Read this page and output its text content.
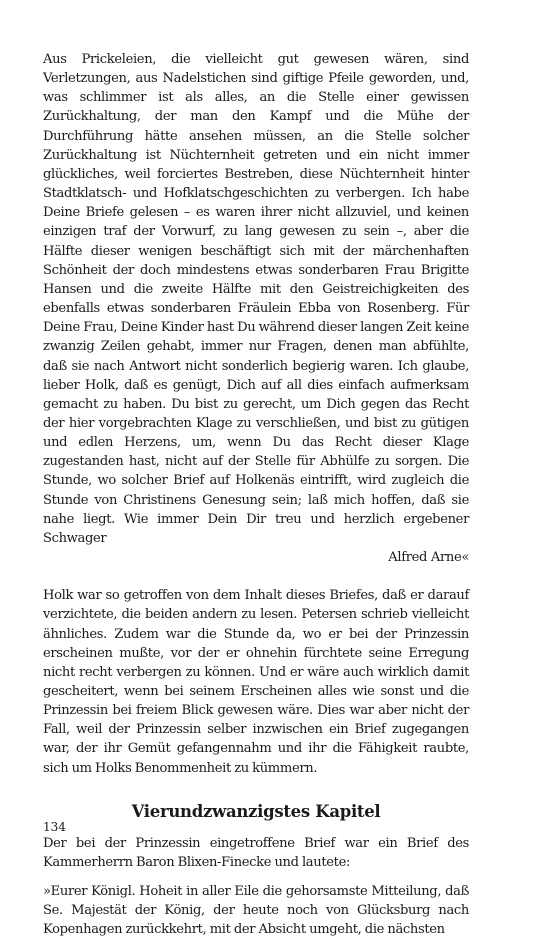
Aus Prickeleien, die vielleicht gut gewesen wären, sind Verletzungen, aus Nadelstichen sind giftige Pfeile geworden, und, was schlimmer ist als alles, an die Stelle einer gewissen Zurückhaltung, der man den Kampf und die Mühe der Durchführung hätte ansehen müssen, an die Stelle solcher Zurückhaltung ist Nüchternheit getreten und ein nicht immer glückliches, weil forciertes Bestreben, diese Nüchternheit hinter Stadtklatsch- und Hofklatschgeschichten zu verbergen. Ich habe Deine Briefe gelesen – es waren ihrer nicht allzuviel, und keinen einzigen traf der Vorwurf, zu lang gewesen zu sein –, aber die Hälfte dieser wenigen beschäftigt sich mit der märchenhaften Schönheit der doch mindestens etwas sonderbaren Frau Brigitte Hansen und die zweite Hälfte mit den Geistreichigkeiten des ebenfalls etwas sonderbaren Fräulein Ebba von Rosenberg. Für Deine Frau, Deine Kinder hast Du während dieser langen Zeit keine zwanzig Zeilen gehabt, immer nur Fragen, denen man abfühlte, daß sie nach Antwort nicht sonderlich begierig waren. Ich glaube, lieber Holk, daß es genügt, Dich auf all dies einfach aufmerksam gemacht zu haben. Du bist zu gerecht, um Dich gegen das Recht der hier vorgebrachten Klage zu verschließen, und bist zu gütigen und edlen Herzens, um, wenn Du das Recht dieser Klage zugestanden hast, nicht auf der Stelle für Abhülfe zu sorgen. Die Stunde, wo solcher Brief auf Holkenäs eintrifft, wird zugleich die Stunde von Christinens Genesung sein; laß mich hoffen, daß sie nahe liegt. Wie immer Dein Dir treu und herzlich ergebener Schwager

Alfred Arne«

Holk war so getroffen von dem Inhalt dieses Briefes, daß er darauf verzichtete, die beiden andern zu lesen. Petersen schrieb vielleicht ähnliches. Zudem war die Stunde da, wo er bei der Prinzessin erscheinen mußte, vor der er ohnehin fürchtete seine Erregung nicht recht verbergen zu können. Und er wäre auch wirklich damit gescheitert, wenn bei seinem Erscheinen alles wie sonst und die Prinzessin bei freiem Blick gewesen wäre. Dies war aber nicht der Fall, weil der Prinzessin selber inzwischen ein Brief zugegangen war, der ihr Gemüt gefangennahm und ihr die Fähigkeit raubte, sich um Holks Benommenheit zu kümmern.

Vierundzwanzigstes Kapitel

Der bei der Prinzessin eingetroffene Brief war ein Brief des Kammerherrn Baron Blixen-Finecke und lautete:

»Eurer Königl. Hoheit in aller Eile die gehorsamste Mitteilung, daß Se. Majestät der König, der heute noch von Glücksburg nach Kopenhagen zurückkehrt, mit der Absicht umgeht, die nächsten

134
